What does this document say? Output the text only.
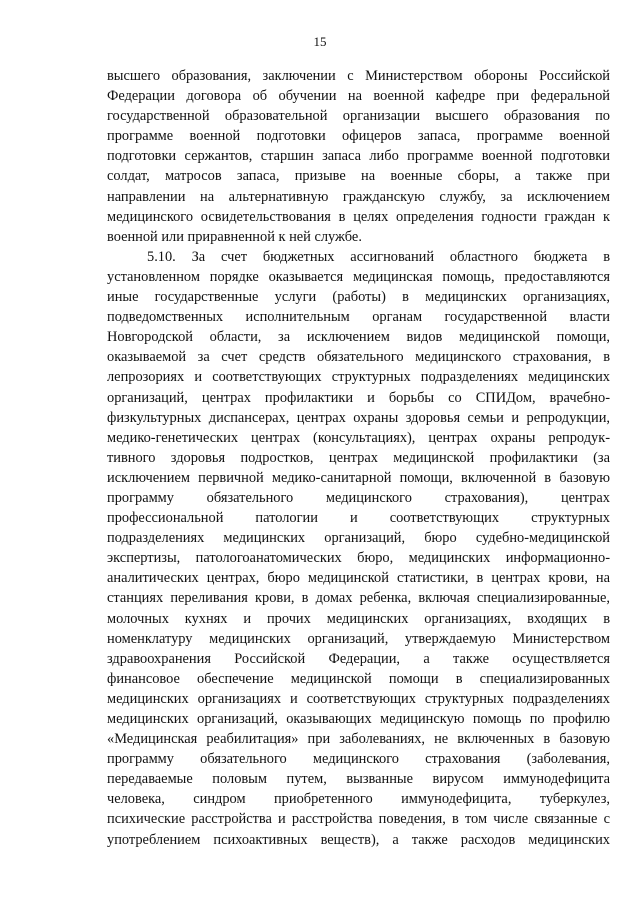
15
высшего образования, заключении с Министерством обороны Российской
Федерации договора об обучении на военной кафедре при федеральной
государственной образовательной организации высшего образования по
программе военной подготовки офицеров запаса, программе военной
подготовки сержантов, старшин запаса либо программе военной подготовки
солдат, матросов запаса, призыве на военные сборы, а также при
направлении на альтернативную гражданскую службу, за исключением
медицинского освидетельствования в целях определения годности граждан к
военной или приравненной к ней службе.
5.10. За счет бюджетных ассигнований областного бюджета в
установленном порядке оказывается медицинская помощь, предоставляются
иные государственные услуги (работы) в медицинских организациях,
подведомственных исполнительным органам государственной власти
Новгородской области, за исключением видов медицинской помощи,
оказываемой за счет средств обязательного медицинского страхования, в
лепрозориях и соответствующих структурных подразделениях медицинских
организаций, центрах профилактики и борьбы со СПИДом, врачебно-
физкультурных диспансерах, центрах охраны здоровья семьи и репродукции,
медико-генетических центрах (консультациях), центрах охраны репродук-
тивного здоровья подростков, центрах медицинской профилактики (за
исключением первичной медико-санитарной помощи, включенной в базовую
программу обязательного медицинского страхования), центрах
профессиональной патологии и соответствующих структурных
подразделениях медицинских организаций, бюро судебно-медицинской
экспертизы, патологоанатомических бюро, медицинских информационно-
аналитических центрах, бюро медицинской статистики, в центрах крови, на
станциях переливания крови, в домах ребенка, включая специализированные,
молочных кухнях и прочих медицинских организациях, входящих в
номенклатуру медицинских организаций, утверждаемую Министерством
здравоохранения Российской Федерации, а также осуществляется
финансовое обеспечение медицинской помощи в специализированных
медицинских организациях и соответствующих структурных подразделениях
медицинских организаций, оказывающих медицинскую помощь по профилю
«Медицинская реабилитация» при заболеваниях, не включенных в базовую
программу обязательного медицинского страхования (заболевания,
передаваемые половым путем, вызванные вирусом иммунодефицита
человека, синдром приобретенного иммунодефицита, туберкулез,
психические расстройства и расстройства поведения, в том числе связанные с
употреблением психоактивных веществ), а также расходов медицинских
